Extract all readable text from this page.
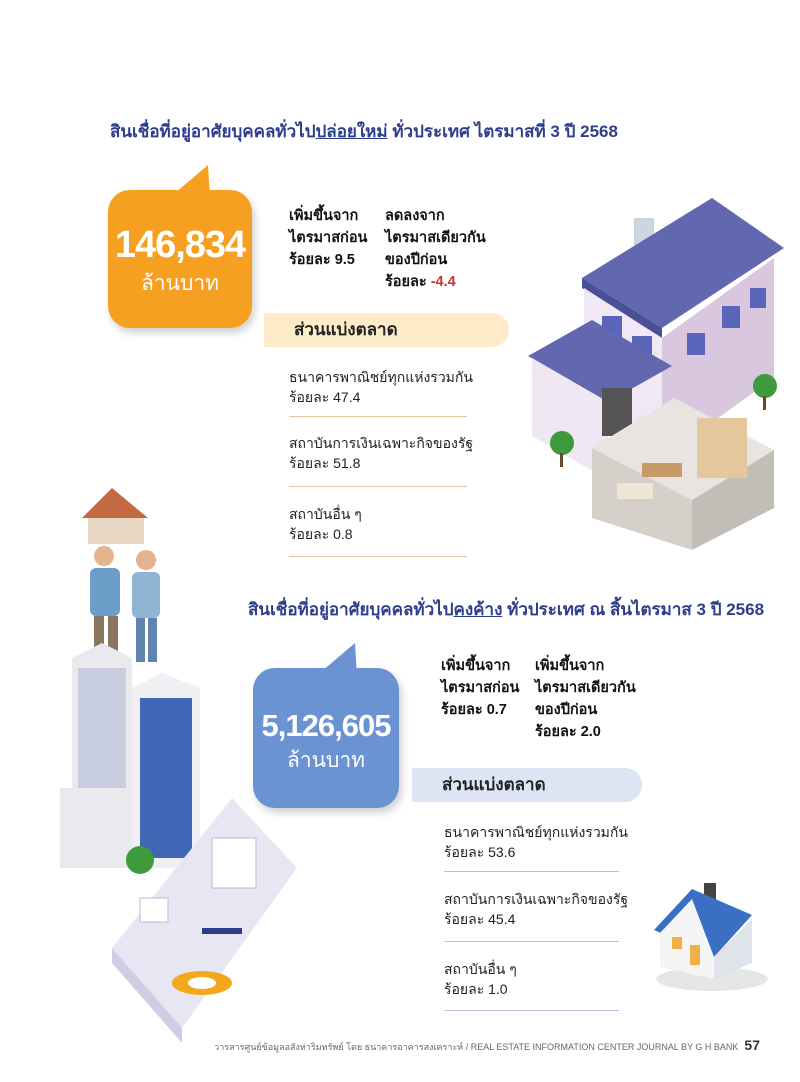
สินเชื่อที่อยู่อาศัยบุคคลทั่วไปปล่อยใหม่ ทั่วประเทศ ไตรมาสที่ 3 ปี 2568
146,834
ล้านบาท
เพิ่มขึ้นจาก
ไตรมาสก่อน
ร้อยละ 9.5
ลดลงจาก
ไตรมาสเดียวกัน
ของปีก่อน
ร้อยละ -4.4
ส่วนแบ่งตลาด
ธนาคารพาณิชย์ทุกแห่งรวมกัน
ร้อยละ 47.4
สถาบันการเงินเฉพาะกิจของรัฐ
ร้อยละ 51.8
สถาบันอื่น ๆ
ร้อยละ 0.8
สินเชื่อที่อยู่อาศัยบุคคลทั่วไปคงค้าง ทั่วประเทศ ณ สิ้นไตรมาส 3 ปี 2568
5,126,605
ล้านบาท
เพิ่มขึ้นจาก
ไตรมาสก่อน
ร้อยละ 0.7
เพิ่มขึ้นจาก
ไตรมาสเดียวกัน
ของปีก่อน
ร้อยละ 2.0
ส่วนแบ่งตลาด
ธนาคารพาณิชย์ทุกแห่งรวมกัน
ร้อยละ 53.6
สถาบันการเงินเฉพาะกิจของรัฐ
ร้อยละ 45.4
สถาบันอื่น ๆ
ร้อยละ 1.0
วารสารศูนย์ข้อมูลอสังหาริมทรัพย์ โดย ธนาคารอาคารสงเคราะห์ / REAL ESTATE INFORMATION CENTER JOURNAL BY G H BANK 57
